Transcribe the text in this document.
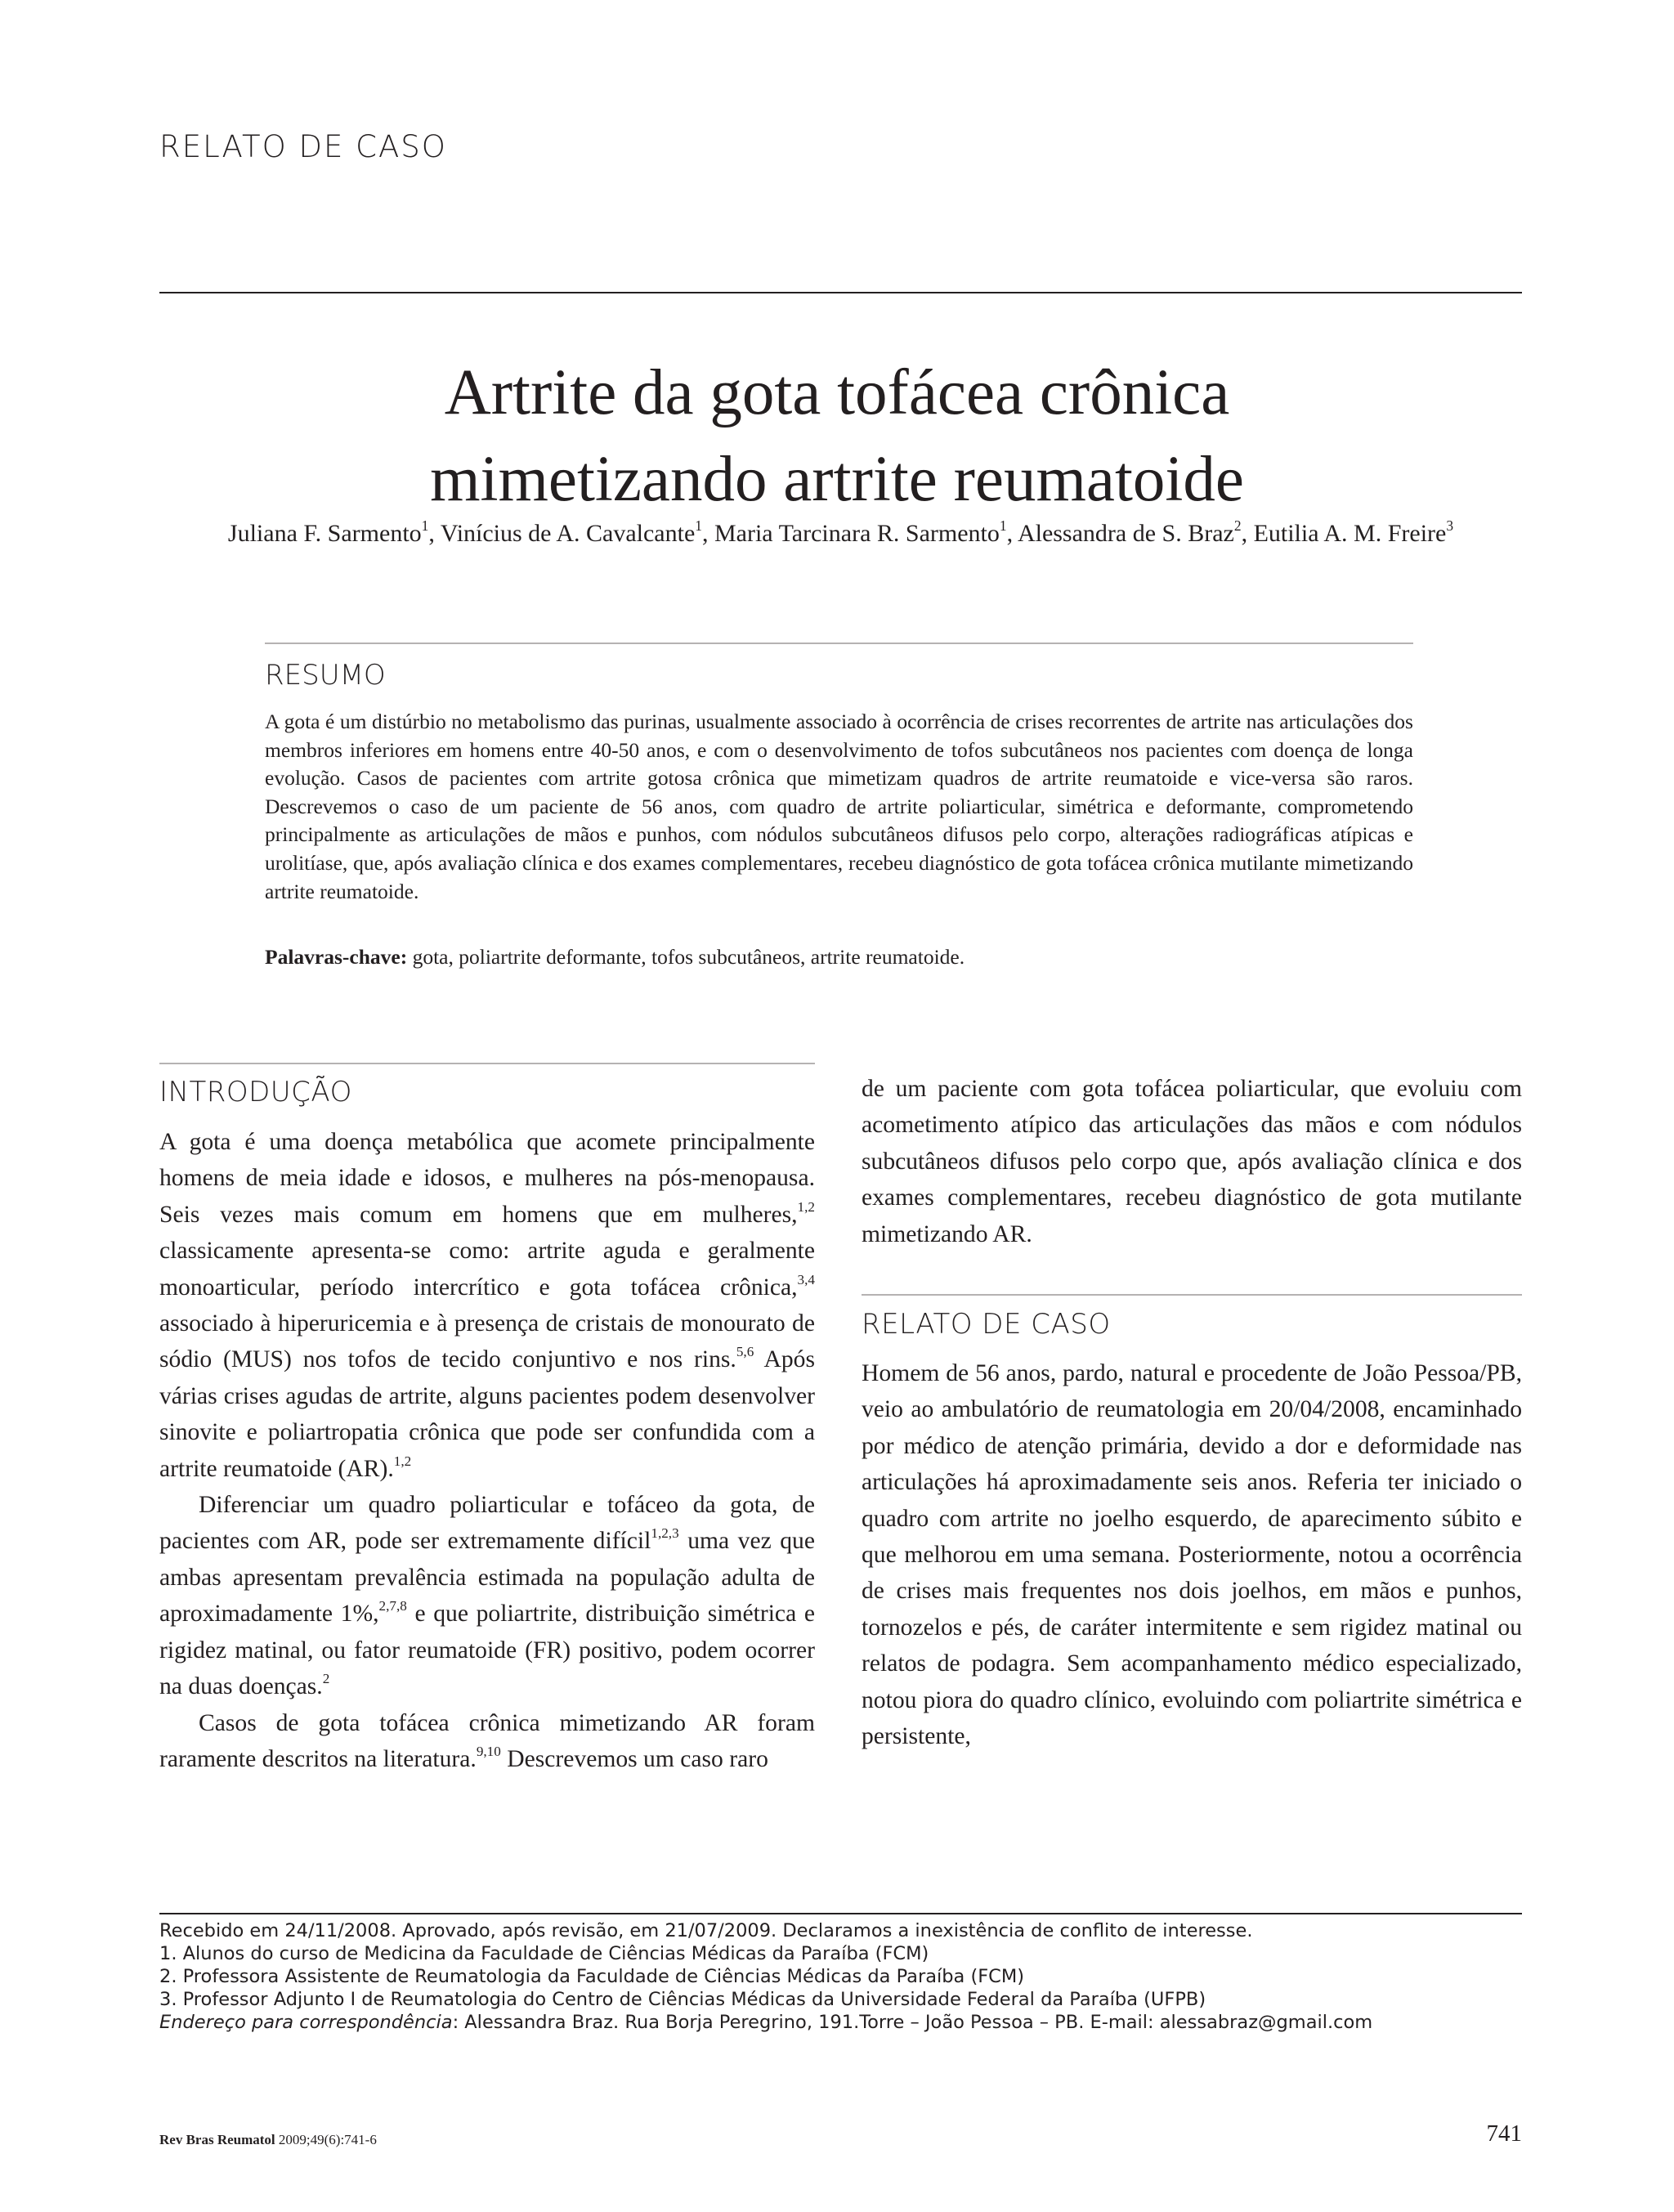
RELATO DE CASO
Artrite da gota tofácea crônica
mimetizando artrite reumatoide
Juliana F. Sarmento$^1$, Vinícius de A. Cavalcante$^1$, Maria Tarcinara R. Sarmento$^1$, Alessandra de S. Braz$^2$, Eutilia A. M. Freire$^3$
RESUMO

A gota é um distúrbio no metabolismo das purinas, usualmente associado à ocorrência de crises recorrentes de artrite nas articulações dos membros inferiores em homens entre 40-50 anos, e com o desenvolvimento de tofos subcutâneos nos pacientes com doença de longa evolução. Casos de pacientes com artrite gotosa crônica que mimetizam quadros de artrite reumatoide e vice-versa são raros. Descrevemos o caso de um paciente de 56 anos, com quadro de artrite poliarticular, simétrica e deformante, comprometendo principalmente as articulações de mãos e punhos, com nódulos subcutâneos difusos pelo corpo, alterações radiográficas atípicas e urolitíase, que, após avaliação clínica e dos exames complementares, recebeu diagnóstico de gota tofácea crônica mutilante mimetizando artrite reumatoide.

Palavras-chave: gota, poliartrite deformante, tofos subcutâneos, artrite reumatoide.
INTRODUÇÃO

A gota é uma doença metabólica que acomete principalmente homens de meia idade e idosos, e mulheres na pós-menopausa. Seis vezes mais comum em homens que em mulheres,$^{1,2}$ classicamente apresenta-se como: artrite aguda e geralmente monoarticular, período intercrítico e gota tofácea crônica,$^{3,4}$ associado à hiperuricemia e à presença de cristais de monourato de sódio (MUS) nos tofos de tecido conjuntivo e nos rins.$^{5,6}$ Após várias crises agudas de artrite, alguns pacientes podem desenvolver sinovite e poliartropatia crônica que pode ser confundida com a artrite reumatoide (AR).$^{1,2}$

Diferenciar um quadro poliarticular e tofáceo da gota, de pacientes com AR, pode ser extremamente difícil$^{1,2,3}$ uma vez que ambas apresentam prevalência estimada na população adulta de aproximadamente 1%,$^{2,7,8}$ e que poliartrite, distribuição simétrica e rigidez matinal, ou fator reumatoide (FR) positivo, podem ocorrer na duas doenças.$^2$

Casos de gota tofácea crônica mimetizando AR foram raramente descritos na literatura.$^{9,10}$ Descrevemos um caso raro

de um paciente com gota tofácea poliarticular, que evoluiu com acometimento atípico das articulações das mãos e com nódulos subcutâneos difusos pelo corpo que, após avaliação clínica e dos exames complementares, recebeu diagnóstico de gota mutilante mimetizando AR.

RELATO DE CASO

Homem de 56 anos, pardo, natural e procedente de João Pessoa/PB, veio ao ambulatório de reumatologia em 20/04/2008, encaminhado por médico de atenção primária, devido a dor e deformidade nas articulações há aproximadamente seis anos. Referia ter iniciado o quadro com artrite no joelho esquerdo, de aparecimento súbito e que melhorou em uma semana. Posteriormente, notou a ocorrência de crises mais frequentes nos dois joelhos, em mãos e punhos, tornozelos e pés, de caráter intermitente e sem rigidez matinal ou relatos de podagra. Sem acompanhamento médico especializado, notou piora do quadro clínico, evoluindo com poliartrite simétrica e persistente,

Recebido em 24/11/2008. Aprovado, após revisão, em 21/07/2009. Declaramos a inexistência de conflito de interesse.
1. Alunos do curso de Medicina da Faculdade de Ciências Médicas da Paraíba (FCM)
2. Professora Assistente de Reumatologia da Faculdade de Ciências Médicas da Paraíba (FCM)
3. Professor Adjunto I de Reumatologia do Centro de Ciências Médicas da Universidade Federal da Paraíba (UFPB)
Endereço para correspondência: Alessandra Braz. Rua Borja Peregrino, 191.Torre – João Pessoa – PB. E-mail: alessabraz@gmail.com
Rev Bras Reumatol 2009;49(6):741-6	741
